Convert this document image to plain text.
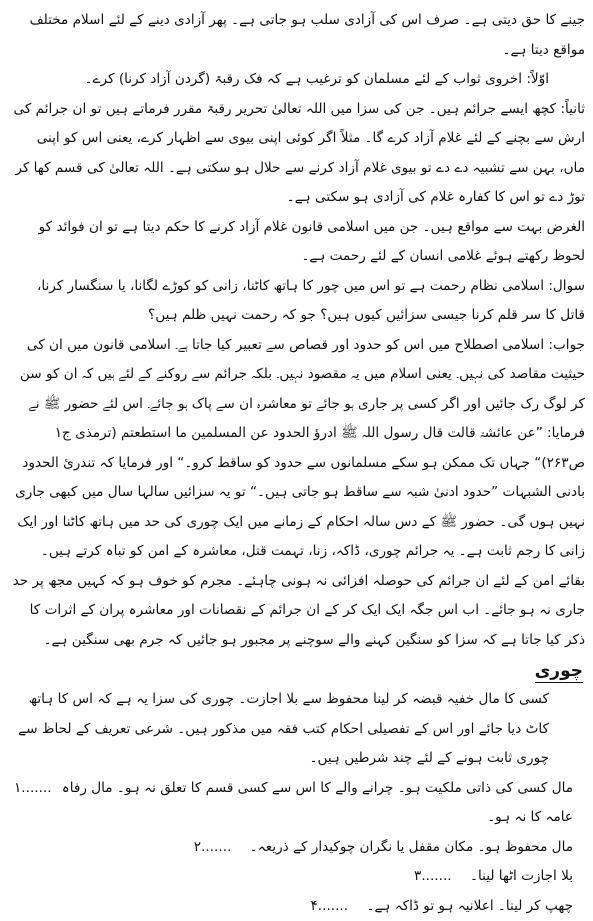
جینے کا حق دیتی ہے۔ صرف اس کی آزادی سلب ہو جاتی ہے۔ پھر آزادی دینے کے لئے اسلام مختلف مواقع دیتا ہے۔

اوّلاً: اخروی ثواب کے لئے مسلمان کو ترغیب ہے کہ فک رقبۃ (گردن آزاد کرنا) کرے۔

ثانیاً: کچھ ایسے جرائم ہیں۔ جن کی سزا میں اللہ تعالیٰ تحریر رقبۃ مقرر فرماتے ہیں تو ان جرائم کی ارش سے بچنے کے لئے غلام آزاد کرے گا۔ مثلاً اگر کوئی اپنی بیوی سے اظہار کرے، یعنی اس کو اپنی ماں، بہن سے تشبیہ دے دے تو بیوی غلام آزاد کرنے سے حلال ہو سکتی ہے۔ اللہ تعالیٰ کی قسم کھا کر توڑ دے تو اس کا کفارہ غلام کی آزادی ہو سکتی ہے۔

الغرض بہت سے مواقع ہیں۔ جن میں اسلامی قانون غلام آزاد کرنے کا حکم دیتا ہے تو ان فوائد کو لحوظ رکھتے ہوئے غلامی انسان کے لئے رحمت ہے۔

سوال: اسلامی نظام رحمت ہے تو اس میں چور کا ہاتھ کاٹنا، زانی کو کوڑے لگانا، یا سنگسار کرنا، قاتل کا سر قلم کرنا جیسی سزائیں کیوں ہیں؟ جو کہ رحمت نہیں ظلم ہیں؟

جواب: اسلامی اصطلاح میں اس کو حدود اور قصاص سے تعبیر کیا جاتا ہے۔ اسلامی قانون میں ان کی حیثیت مقاصد کی نہیں۔ یعنی اسلام میں یہ مقصود نہیں۔ بلکہ جرائم سے روکنے کے لئے ہیں کہ ان کو سن کر لوگ رک جائیں اور اگر کسی پر جاری ہو جائے تو معاشرہ ان سے پاک ہو جائے۔ اس لئے حضور ﷺ نے فرمایا: ”عن عائشۃ قالت قال رسول اللہ ﷺ ادرؤ الحدود عن المسلمین ما استطعتم (ترمذی ج۱ ص۲۶۳)“ جہاں تک ممکن ہو سکے مسلمانوں سے حدود کو ساقط کرو۔“ اور فرمایا کہ تندرئ الحدود بادنی الشبہات ”حدود ادنیٰ شبہ سے ساقط ہو جاتی ہیں۔“ تو یہ سزائیں سالہا سال میں کبھی جاری نہیں ہوں گی۔ حضور ﷺ کے دس سالہ احکام کے زمانے میں ایک چوری کی حد میں ہاتھ کاٹنا اور ایک زانی کا رجم ثابت ہے۔ یہ جرائم چوری، ڈاکہ، زنا، تہمت قتل، معاشرہ کے امن کو تباہ کرتے ہیں۔

بقائے امن کے لئے ان جرائم کی حوصلہ افزائی نہ ہونی چاہئے۔ مجرم کو خوف ہو کہ کہیں مجھ پر حد جاری نہ ہو جائے۔ اب اس جگہ ایک ایک کر کے ان جرائم کے نقصانات اور معاشرہ پران کے اثرات کا ذکر کیا جاتا ہے کہ سزا کو سنگین کہنے والے سوچنے پر مجبور ہو جائیں کہ جرم بھی سنگین ہے۔

چوری

کسی کا مال خفیہ قبضہ کر لینا محفوظ سے بلا اجازت۔ چوری کی سزا یہ ہے کہ اس کا ہاتھ کاٹ دیا جائے اور اس کے تفصیلی احکام کتب فقہ میں مذکور ہیں۔ شرعی تعریف کے لحاظ سے چوری ثابت ہونے کے لئے چند شرطیں ہیں۔

۱....... مال کسی کی ذاتی ملکیت ہو۔ چرانے والے کا اس سے کسی قسم کا تعلق نہ ہو۔ مال رفاہ عامہ کا نہ ہو۔
۲.......	مال محفوظ ہو۔ مکان مقفل یا نگران چوکیدار کے ذریعہ۔
۳.......	بلا اجازت اٹھا لینا۔
۴.......	چھپ کر لینا۔ اعلانیہ ہو تو ڈاکہ ہے۔
